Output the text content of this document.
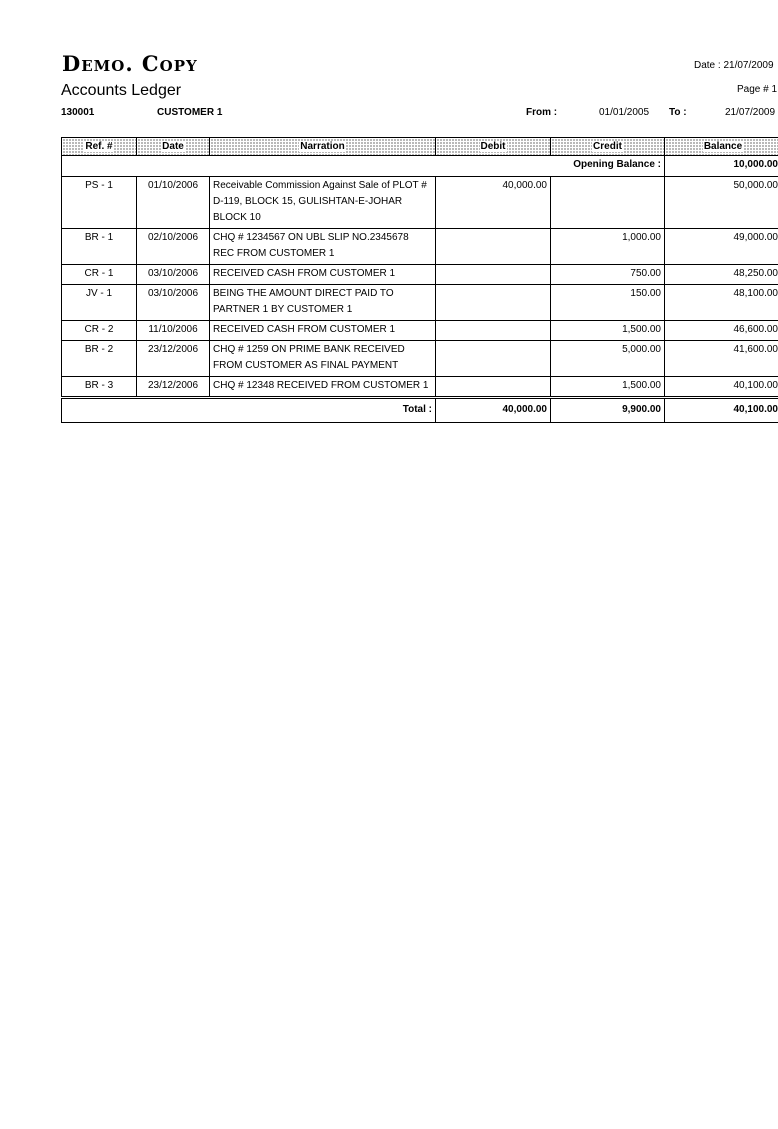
Demo. Copy
Accounts Ledger
Date : 21/07/2009
Page # 1
130001	CUSTOMER 1	From :	01/01/2005 To :	21/07/2009
Ref. #	Date	Narration	Debit	Credit	Balance
Opening Balance :					10,000.00
PS - 1	01/10/2006	Receivable Commission Against Sale of PLOT # D-119, BLOCK 15, GULISHTAN-E-JOHAR BLOCK 10	40,000.00		50,000.00
BR - 1	02/10/2006	CHQ # 1234567 ON UBL SLIP NO.2345678 REC FROM CUSTOMER 1		1,000.00	49,000.00
CR - 1	03/10/2006	RECEIVED CASH FROM CUSTOMER 1		750.00	48,250.00
JV - 1	03/10/2006	BEING THE AMOUNT DIRECT PAID TO PARTNER 1 BY CUSTOMER 1		150.00	48,100.00
CR - 2	11/10/2006	RECEIVED CASH FROM CUSTOMER 1		1,500.00	46,600.00
BR - 2	23/12/2006	CHQ # 1259 ON PRIME BANK RECEIVED FROM CUSTOMER AS FINAL PAYMENT		5,000.00	41,600.00
BR - 3	23/12/2006	CHQ # 12348 RECEIVED FROM CUSTOMER 1		1,500.00	40,100.00

Total :			40,000.00	9,900.00	40,100.00
